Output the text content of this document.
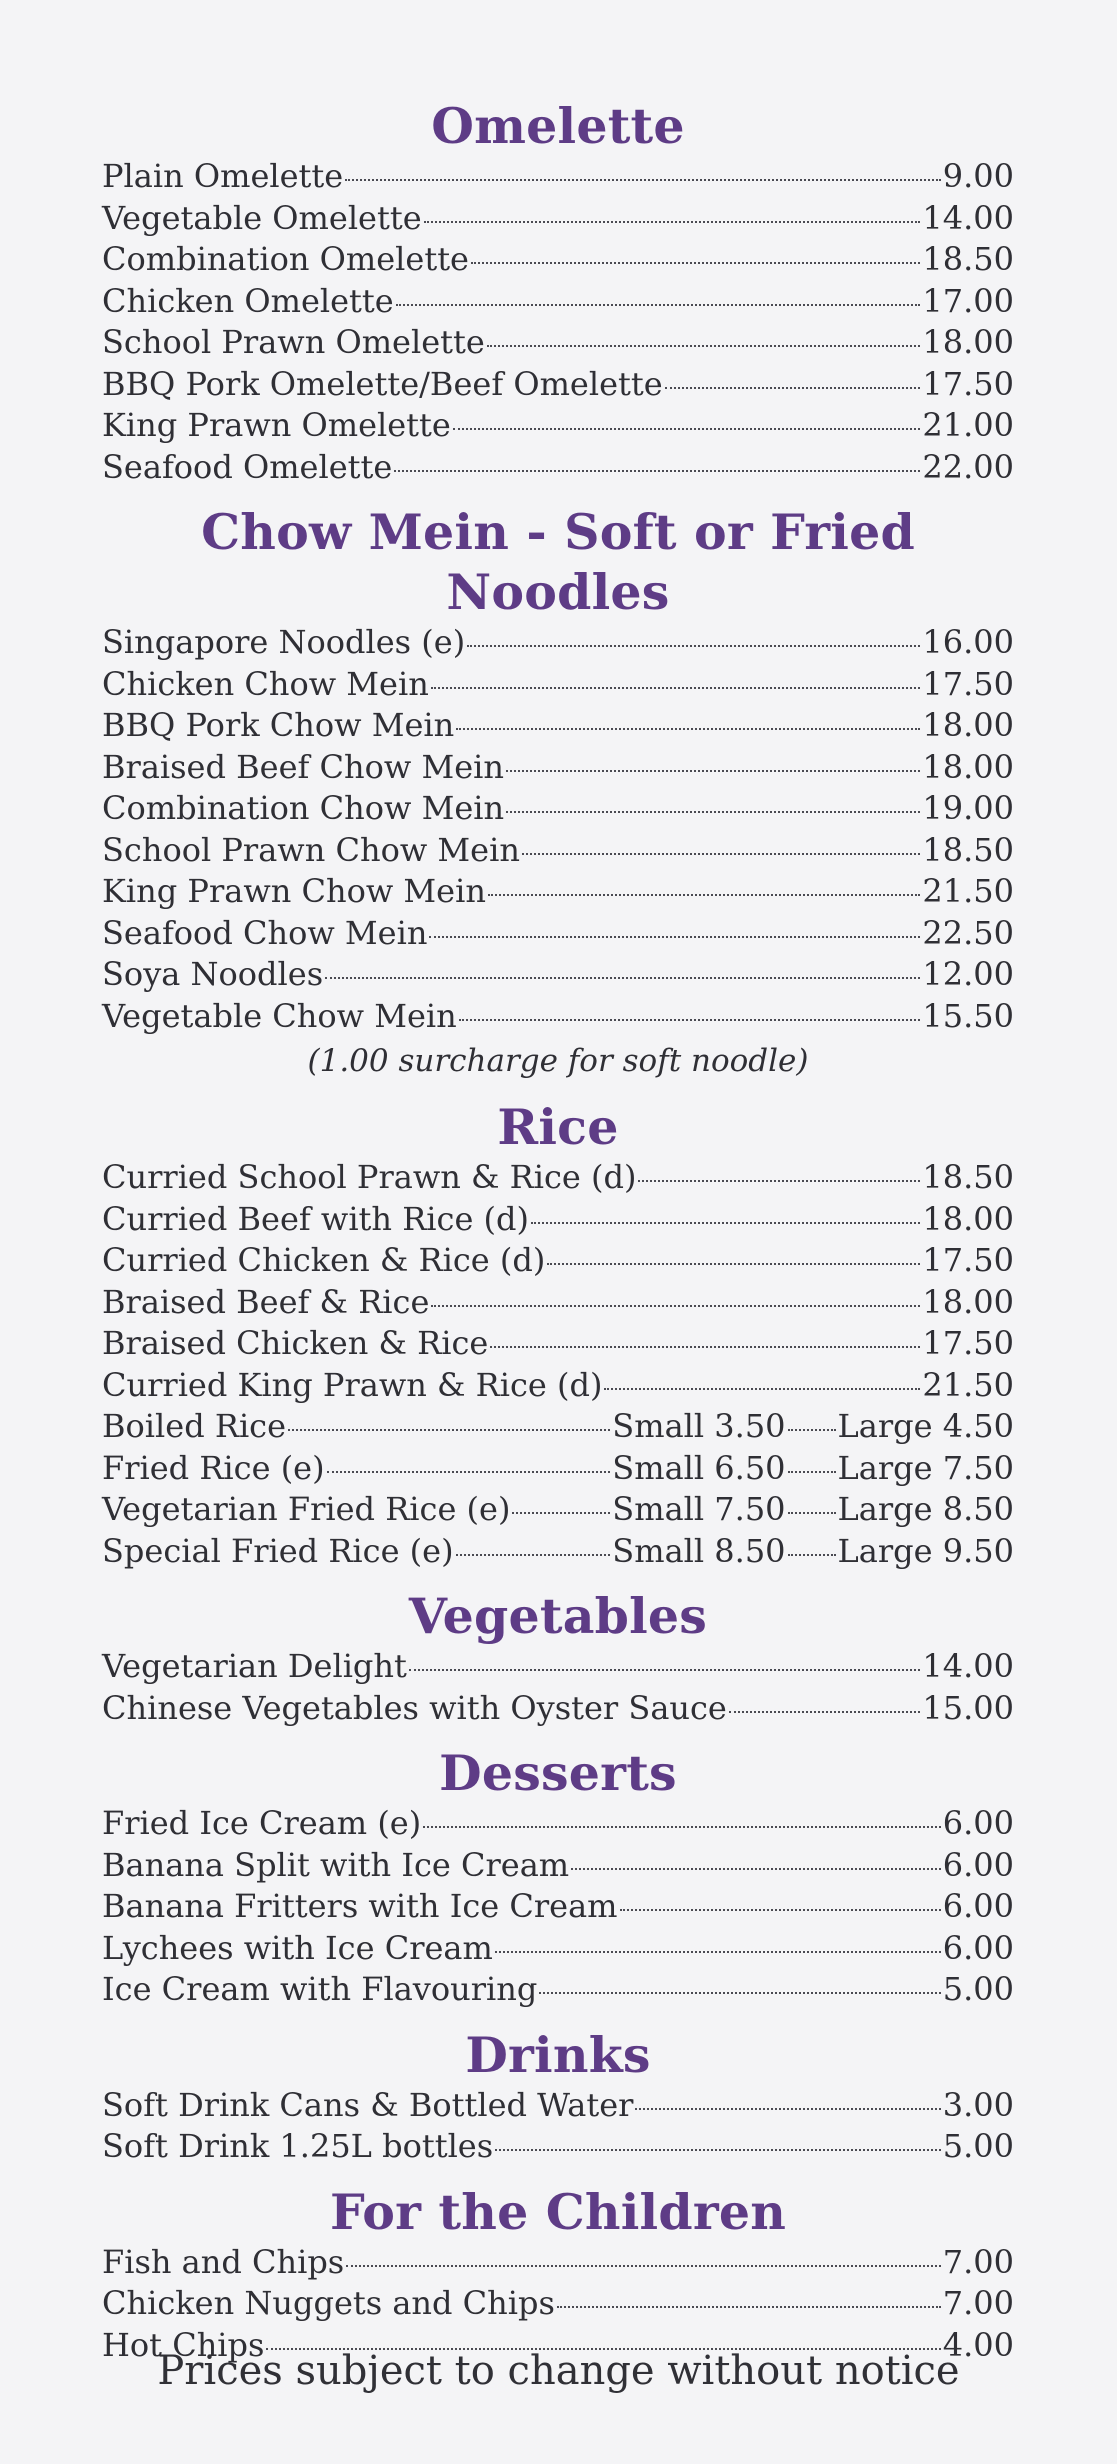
Omelette
Plain Omelette	9.00
Vegetable Omelette	14.00
Combination Omelette	18.50
Chicken Omelette	17.00
School Prawn Omelette	18.00
BBQ Pork Omelette/Beef Omelette	17.50
King Prawn Omelette	21.00
Seafood Omelette	22.00
Chow Mein - Soft or Fried Noodles
Singapore Noodles (e)	16.00
Chicken Chow Mein	17.50
BBQ Pork Chow Mein	18.00
Braised Beef Chow Mein	18.00
Combination Chow Mein	19.00
School Prawn Chow Mein	18.50
King Prawn Chow Mein	21.50
Seafood Chow Mein	22.50
Soya Noodles	12.00
Vegetable Chow Mein	15.50

(1.00 surcharge for soft noodle)

Rice
Curried School Prawn & Rice (d)	18.50
Curried Beef with Rice (d)	18.00
Curried Chicken & Rice (d)	17.50
Braised Beef & Rice	18.00
Braised Chicken & Rice	17.50
Curried King Prawn & Rice (d)	21.50
Boiled Rice	Small 3.50 Large 4.50
Fried Rice (e)	Small 6.50 Large 7.50
Vegetarian Fried Rice (e)	Small 7.50 Large 8.50
Special Fried Rice (e)	Small 8.50 Large 9.50
Vegetables
Vegetarian Delight	14.00
Chinese Vegetables with Oyster Sauce	15.00
Desserts
Fried Ice Cream (e)	6.00
Banana Split with Ice Cream	6.00
Banana Fritters with Ice Cream	6.00
Lychees with Ice Cream	6.00
Ice Cream with Flavouring	5.00
Drinks
Soft Drink Cans & Bottled Water	3.00
Soft Drink 1.25L bottles	5.00
For the Children
Fish and Chips	7.00
Chicken Nuggets and Chips	7.00
Hot Chips	4.00
Prices subject to change without notice
